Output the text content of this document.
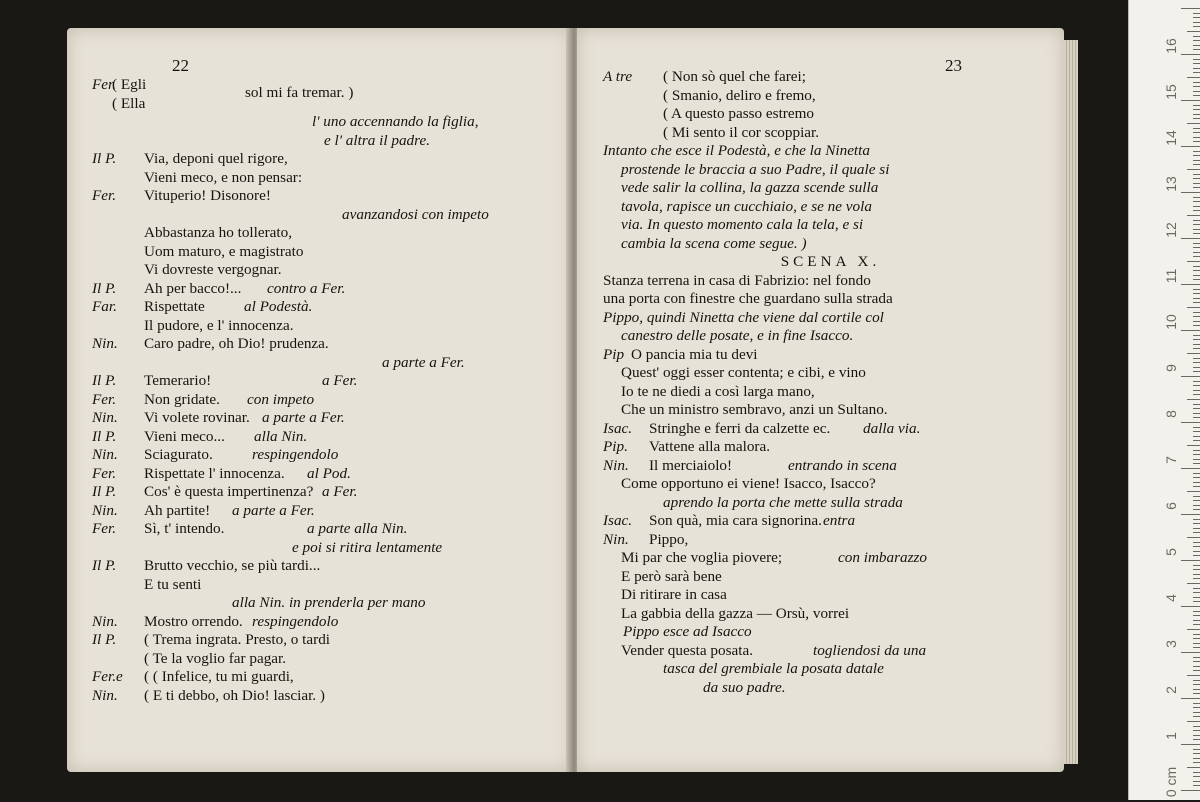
0 cm
1
2
3
4
5
6
7
8
9
10
11
12
13
14
15
16
22
Fer.
( Egli
( Ella
l' uno accennando la figlia,
e l' altra il padre.
Il P. Via, deponi quel rigore,
Vieni meco, e non pensar:
Fer. Vituperio! Disonore!
avanzandosi con impeto
Abbastanza ho tollerato,
Uom maturo, e magistrato
Vi dovreste vergognar.
Il P. Ah per bacco!... contro a Fer.
Far. Rispettate	al Podestà.
Il pudore, e l' innocenza.
Nin. Caro padre, oh Dio! prudenza.
a parte a Fer.
Il P. Temerario!	a Fer.
Fer. Non gridate. con impeto
Nin. Vi volete rovinar. a parte a Fer.
Il P. Vieni meco... alla Nin.
Nin. Sciagurato.	respingendolo
Fer. Rispettate l' innocenza. al Pod.
Il P. Cos' è questa impertinenza? a Fer.
Nin. Ah partite! a parte a Fer.
Fer. Sì, t' intendo.	a parte alla Nin.
e poi si ritira lentamente
Il P. Brutto vecchio, se più tardi...
E tu senti
alla Nin. in prenderla per mano
Nin. Mostro orrendo. respingendolo
Il P. ( Trema ingrata. Presto, o tardi
( Te la voglio far pagar.
Fer.e ( ( Infelice, tu mi guardi,
Nin. ( E ti debbo, oh Dio! lasciar. )
sol mi fa tremar. )
23
A tre ( Non sò quel che farei;
( Smanio, deliro e fremo,
( A questo passo estremo
( Mi sento il cor scoppiar.
Intanto che esce il Podestà, e che la Ninetta
prostende le braccia a suo Padre, il quale si
vede salir la collina, la gazza scende sulla
tavola, rapisce un cucchiaio, e se ne vola
via. In questo momento cala la tela, e si
cambia la scena come segue. )
SCENA X.
Stanza terrena in casa di Fabrizio: nel fondo
una porta con finestre che guardano sulla strada
Pippo, quindi Ninetta che viene dal cortile col
canestro delle posate, e in fine Isacco.
Pip O pancia mia tu devi
Quest' oggi esser contenta; e cibi, e vino
Io te ne diedi a così larga mano,
Che un ministro sembravo, anzi un Sultano.
Isac. Stringhe e ferri da calzette ec. dalla via.
Pip. Vattene alla malora.
Nin. Il merciaiolo!	entrando in scena
Come opportuno ei viene! Isacco, Isacco?
aprendo la porta che mette sulla strada
Isac. Son quà, mia cara signorina. entra
Nin. Pippo,
Mi par che voglia piovere;	con imbarazzo
E però sarà bene
Di ritirare in casa
La gabbia della gazza — Orsù, vorrei
Pippo esce ad Isacco
Vender questa posata.	togliendosi da una
tasca del grembiale la posata datale
da suo padre.
